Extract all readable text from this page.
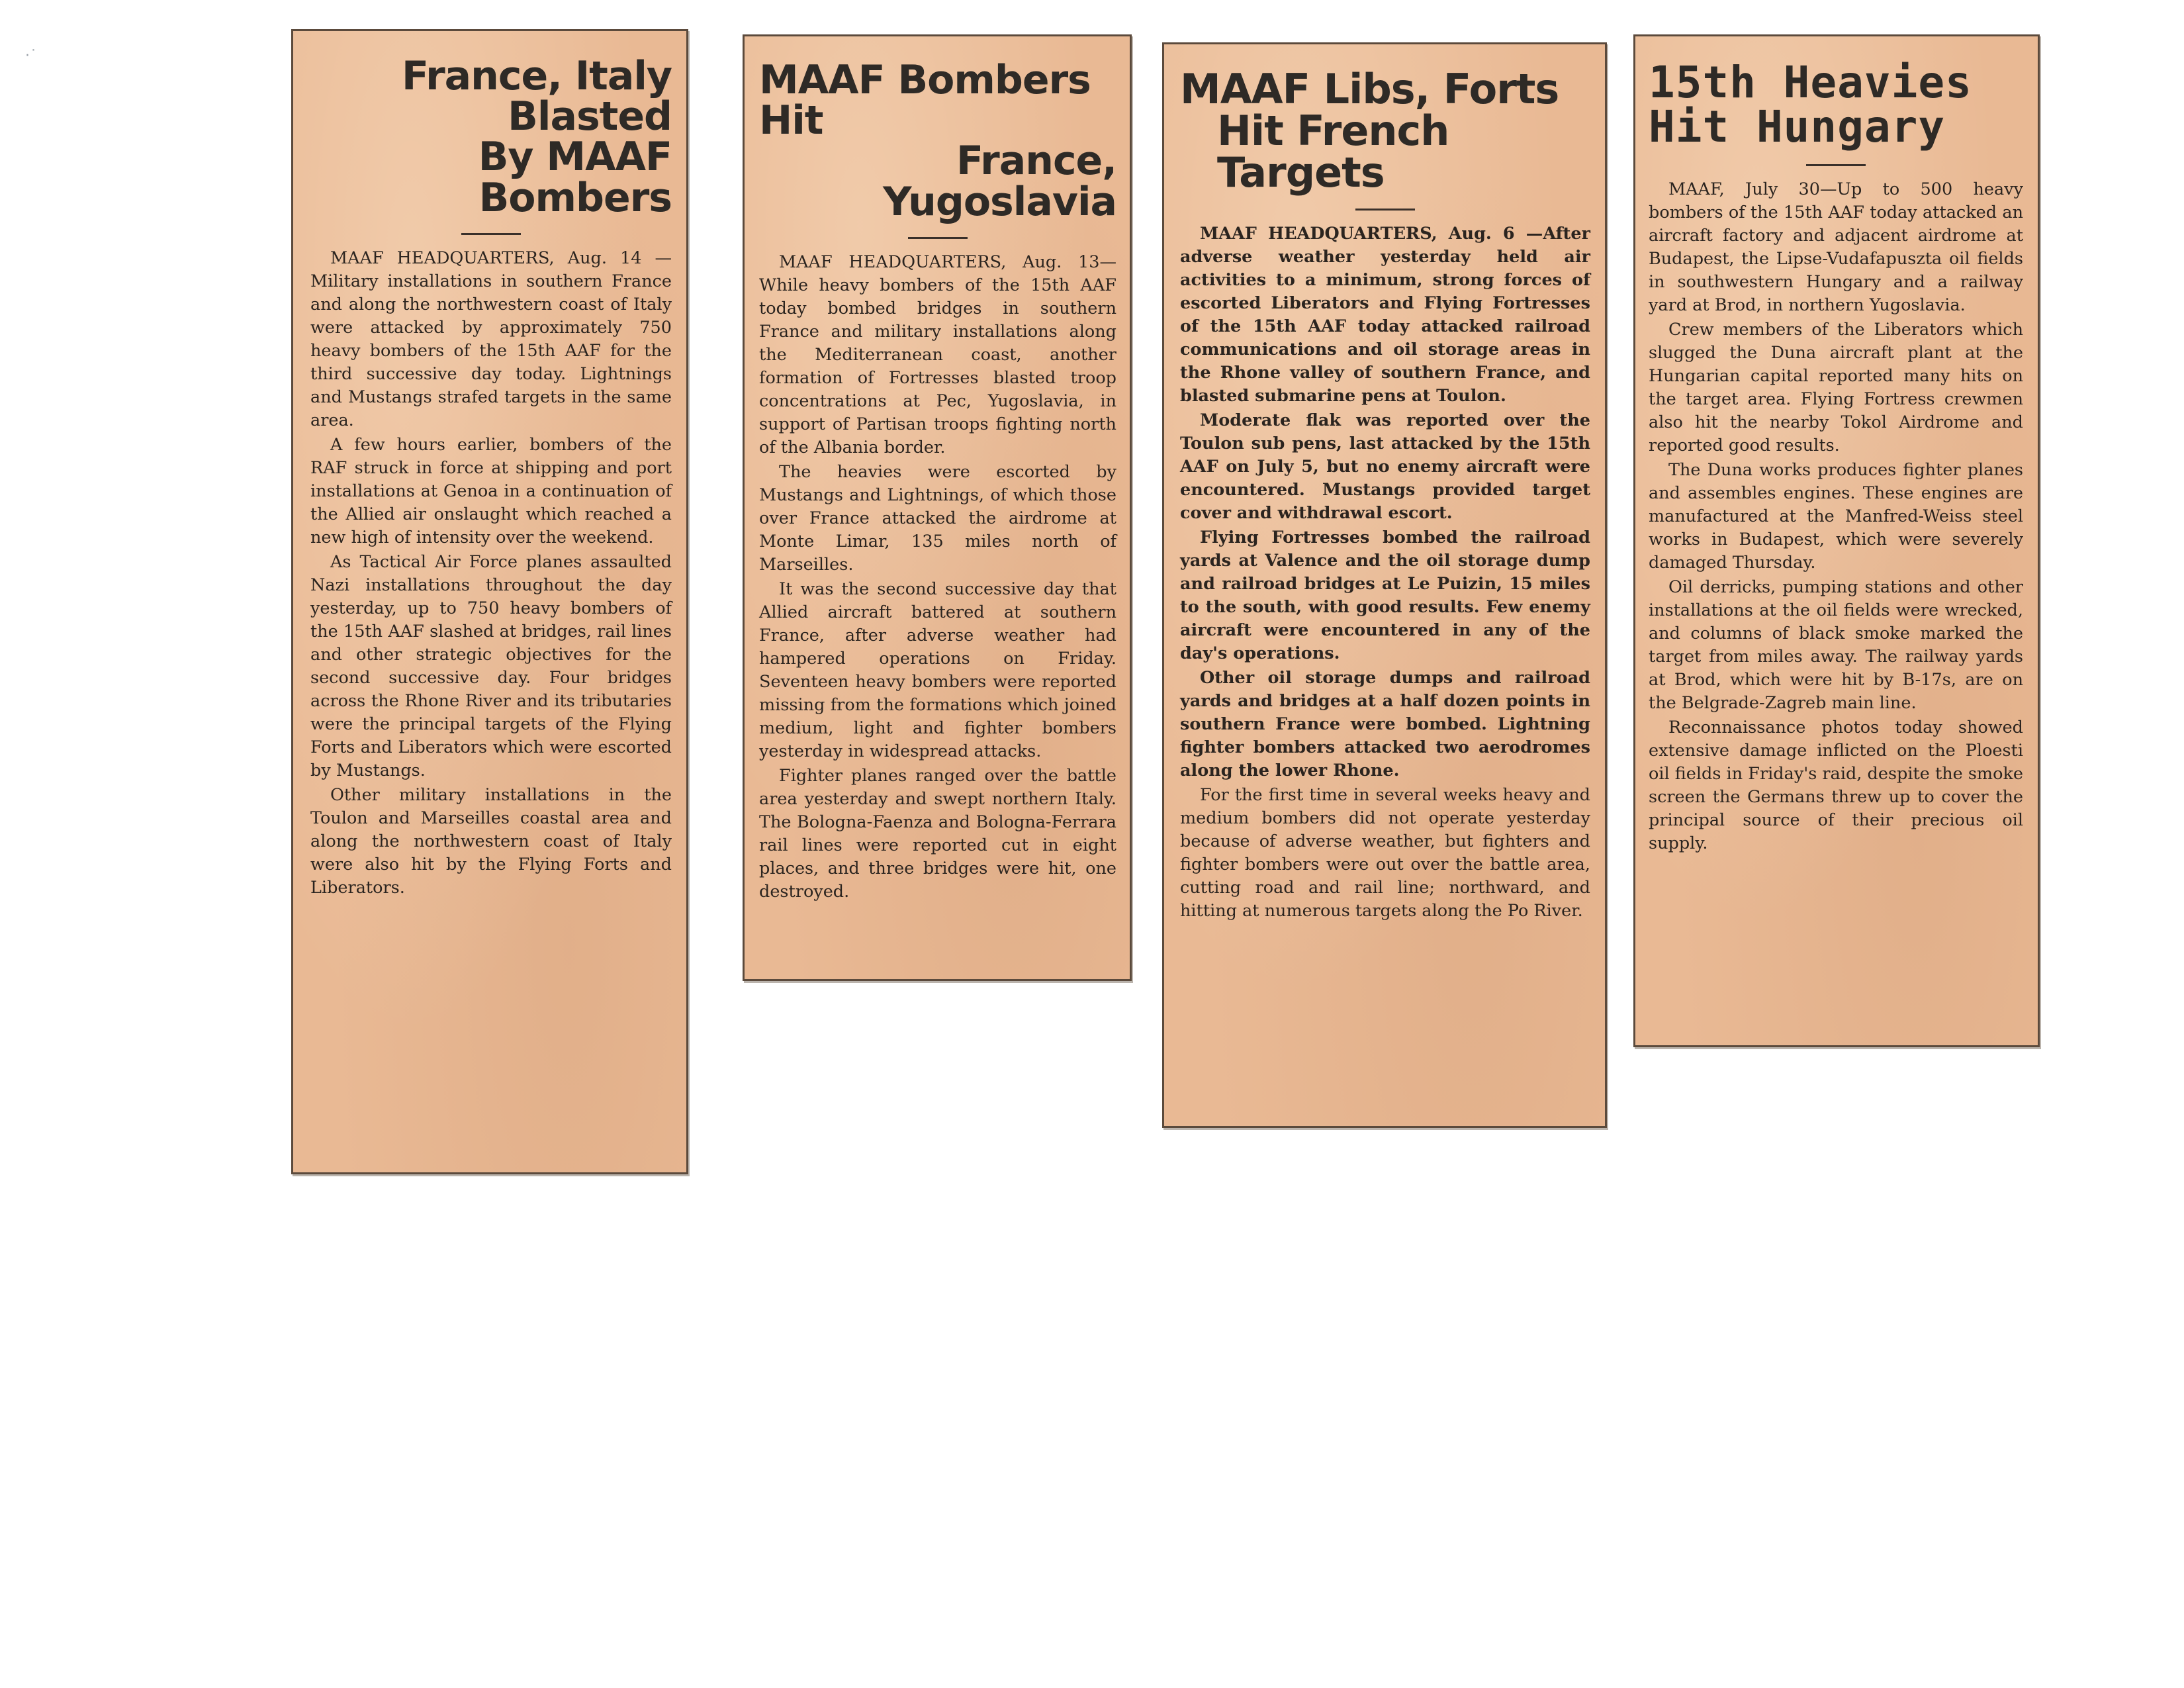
·˙	France, Italy Blasted
By MAAF Bombers

MAAF HEADQUARTERS, Aug. 14 — Military installations in southern France and along the northwestern coast of Italy were attacked by approximately 750 heavy bombers of the 15th AAF for the third successive day today. Lightnings and Mustangs strafed targets in the same area.

A few hours earlier, bombers of the RAF struck in force at shipping and port installations at Genoa in a continuation of the Allied air onslaught which reached a new high of intensity over the weekend.

As Tactical Air Force planes assaulted Nazi installations throughout the day yesterday, up to 750 heavy bombers of the 15th AAF slashed at bridges, rail lines and other strategic objectives for the second successive day. Four bridges across the Rhone River and its tributaries were the principal targets of the Flying Forts and Liberators which were escorted by Mustangs.

Other military installations in the Toulon and Marseilles coastal area and along the northwestern coast of Italy were also hit by the Flying Forts and Liberators.

MAAF Bombers Hit
France, Yugoslavia

MAAF HEADQUARTERS, Aug. 13—While heavy bombers of the 15th AAF today bombed bridges in southern France and military installations along the Mediterranean coast, another formation of Fortresses blasted troop concentrations at Pec, Yugoslavia, in support of Partisan troops fighting north of the Albania border.

The heavies were escorted by Mustangs and Lightnings, of which those over France attacked the airdrome at Monte Limar, 135 miles north of Marseilles.

It was the second successive day that Allied aircraft battered at southern France, after adverse weather had hampered operations on Friday. Seventeen heavy bombers were reported missing from the formations which joined medium, light and fighter bombers yesterday in widespread attacks.

Fighter planes ranged over the battle area yesterday and swept northern Italy. The Bologna-Faenza and Bologna-Ferrara rail lines were reported cut in eight places, and three bridges were hit, one destroyed.

MAAF Libs, Forts
Hit French Targets

MAAF HEADQUARTERS, Aug. 6 —After adverse weather yesterday held air activities to a minimum, strong forces of escorted Liberators and Flying Fortresses of the 15th AAF today attacked railroad communications and oil storage areas in the Rhone valley of southern France, and blasted submarine pens at Toulon.

Moderate flak was reported over the Toulon sub pens, last attacked by the 15th AAF on July 5, but no enemy aircraft were encountered. Mustangs provided target cover and withdrawal escort.

Flying Fortresses bombed the railroad yards at Valence and the oil storage dump and railroad bridges at Le Puizin, 15 miles to the south, with good results. Few enemy aircraft were encountered in any of the day's operations.

Other oil storage dumps and railroad yards and bridges at a half dozen points in southern France were bombed. Lightning fighter bombers attacked two aerodromes along the lower Rhone.

For the first time in several weeks heavy and medium bombers did not operate yesterday because of adverse weather, but fighters and fighter bombers were out over the battle area, cutting road and rail line; northward, and hitting at numerous targets along the Po River.

15th Heavies
Hit Hungary

MAAF, July 30—Up to 500 heavy bombers of the 15th AAF today attacked an aircraft factory and adjacent airdrome at Budapest, the Lipse-Vudafapuszta oil fields in southwestern Hungary and a railway yard at Brod, in northern Yugoslavia.

Crew members of the Liberators which slugged the Duna aircraft plant at the Hungarian capital reported many hits on the target area. Flying Fortress crewmen also hit the nearby Tokol Airdrome and reported good results.

The Duna works produces fighter planes and assembles engines. These engines are manufactured at the Manfred-Weiss steel works in Budapest, which were severely damaged Thursday.

Oil derricks, pumping stations and other installations at the oil fields were wrecked, and columns of black smoke marked the target from miles away. The railway yards at Brod, which were hit by B-17s, are on the Belgrade-Zagreb main line.

Reconnaissance photos today showed extensive damage inflicted on the Ploesti oil fields in Friday's raid, despite the smoke screen the Germans threw up to cover the principal source of their precious oil supply.
